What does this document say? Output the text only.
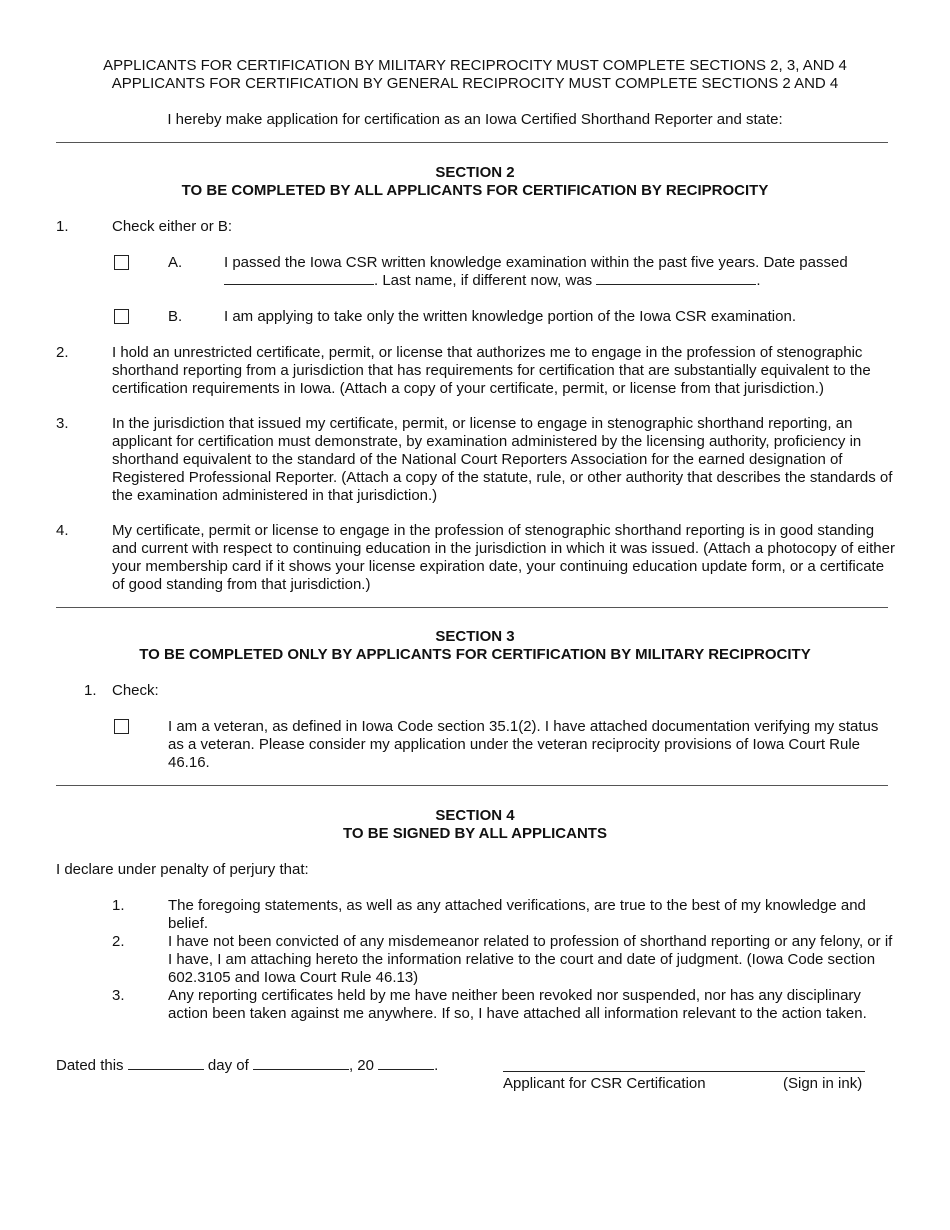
APPLICANTS FOR CERTIFICATION BY MILITARY RECIPROCITY MUST COMPLETE SECTIONS 2, 3, AND 4
APPLICANTS FOR CERTIFICATION BY GENERAL RECIPROCITY MUST COMPLETE SECTIONS 2 AND 4
I hereby make application for certification as an Iowa Certified Shorthand Reporter and state:
SECTION 2
TO BE COMPLETED BY ALL APPLICANTS FOR CERTIFICATION BY RECIPROCITY
1.	Check either or B:
A.	I passed the Iowa CSR written knowledge examination within the past five years. Date passed
. Last name, if different now, was	.
B.	I am applying to take only the written knowledge portion of the Iowa CSR examination.
2.	I hold an unrestricted certificate, permit, or license that authorizes me to engage in the profession of stenographic shorthand reporting from a jurisdiction that has requirements for certification that are substantially equivalent to the certification requirements in Iowa. (Attach a copy of your certificate, permit, or license from that jurisdiction.)
3.	In the jurisdiction that issued my certificate, permit, or license to engage in stenographic shorthand reporting, an applicant for certification must demonstrate, by examination administered by the licensing authority, proficiency in shorthand equivalent to the standard of the National Court Reporters Association for the earned designation of Registered Professional Reporter. (Attach a copy of the statute, rule, or other authority that describes the standards of the examination administered in that jurisdiction.)
4.	My certificate, permit or license to engage in the profession of stenographic shorthand reporting is in good standing and current with respect to continuing education in the jurisdiction in which it was issued. (Attach a photocopy of either your membership card if it shows your license expiration date, your continuing education update form, or a certificate of good standing from that jurisdiction.)
SECTION 3
TO BE COMPLETED ONLY BY APPLICANTS FOR CERTIFICATION BY MILITARY RECIPROCITY
1. Check:
I am a veteran, as defined in Iowa Code section 35.1(2). I have attached documentation verifying my status as a veteran. Please consider my application under the veteran reciprocity provisions of Iowa Court Rule 46.16.
SECTION 4
TO BE SIGNED BY ALL APPLICANTS
I declare under penalty of perjury that:
1.	The foregoing statements, as well as any attached verifications, are true to the best of my knowledge and belief.
2.	I have not been convicted of any misdemeanor related to profession of shorthand reporting or any felony, or if I have, I am attaching hereto the information relative to the court and date of judgment. (Iowa Code section 602.3105 and Iowa Court Rule 46.13)
3.	Any reporting certificates held by me have neither been revoked nor suspended, nor has any disciplinary action been taken against me anywhere. If so, I have attached all information relevant to the action taken.
Dated this	day of	, 20	.
Applicant for CSR Certification	(Sign in ink)
